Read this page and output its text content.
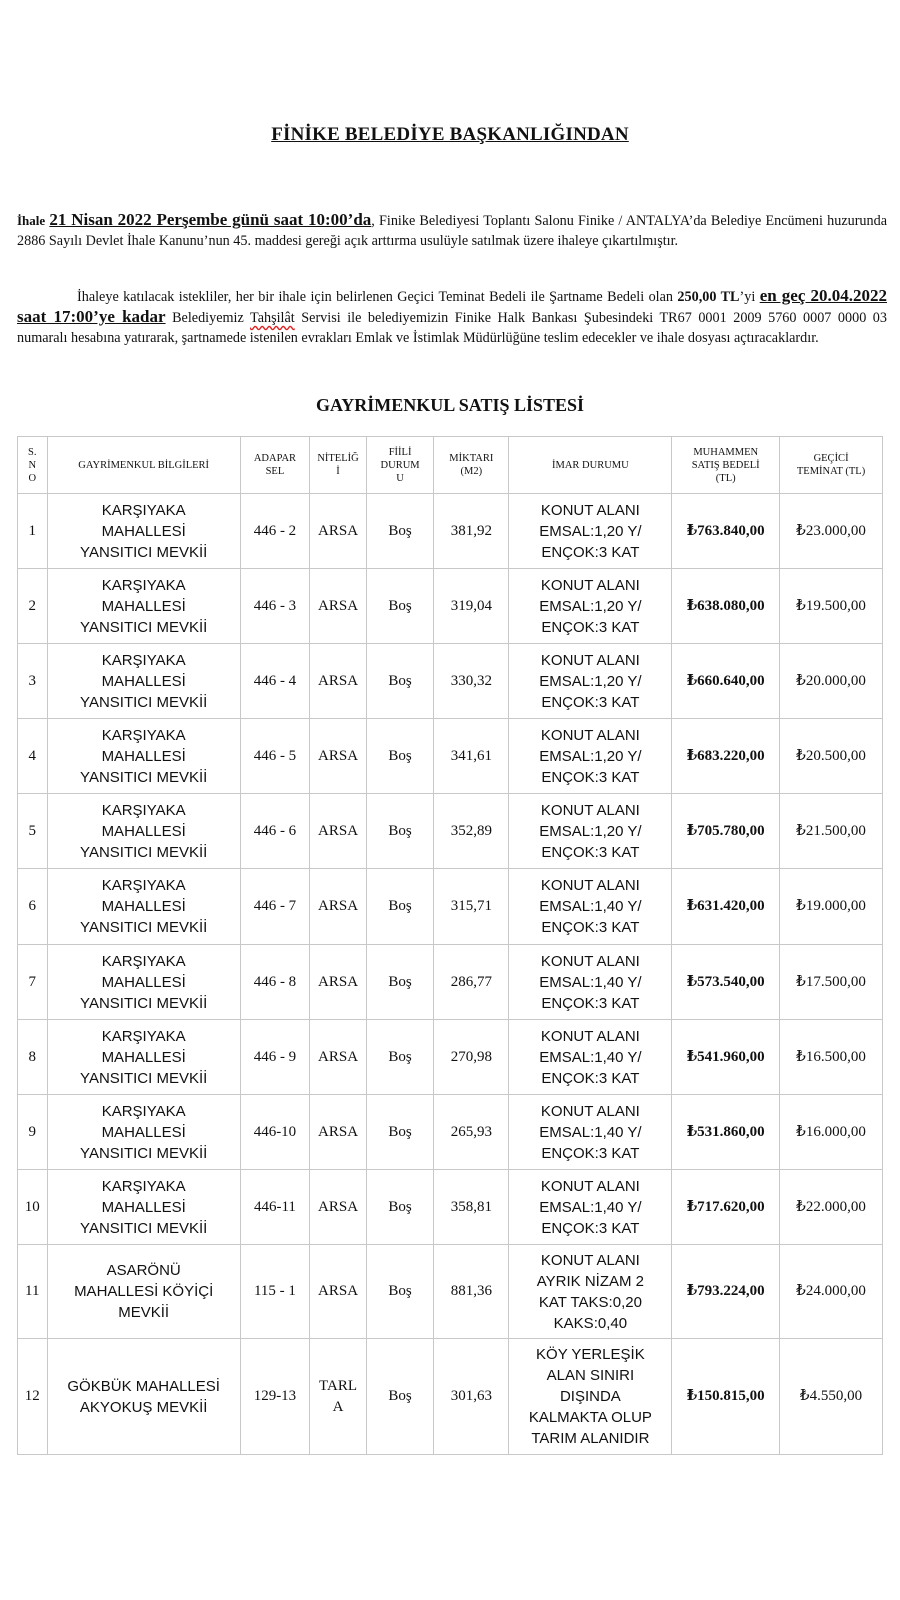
FİNİKE BELEDİYE BAŞKANLIĞINDAN
İhale 21 Nisan 2022 Perşembe günü saat 10:00’da, Finike Belediyesi Toplantı Salonu Finike / ANTALYA’da Belediye Encümeni huzurunda 2886 Sayılı Devlet İhale Kanunu’nun 45. maddesi gereği açık arttırma usulüyle satılmak üzere ihaleye çıkartılmıştır.
İhaleye katılacak istekliler, her bir ihale için belirlenen Geçici Teminat Bedeli ile Şartname Bedeli olan 250,00 TL’yi en geç 20.04.2022 saat 17:00’ye kadar Belediyemiz Tahşilât Servisi ile belediyemizin Finike Halk Bankası Şubesindeki TR67 0001 2009 5760 0007 0000 03 numaralı hesabına yatırarak, şartnamede istenilen evrakları Emlak ve İstimlak Müdürlüğüne teslim edecekler ve ihale dosyası açtıracaklardır.
GAYRİMENKUL SATIŞ LİSTESİ
S.
N
O	GAYRİMENKUL BİLGİLERİ	ADAPAR
SEL	NİTELİĞ
İ	FİİLİ
DURUM
U	MİKTARI
(M2)	İMAR DURUMU	MUHAMMEN
SATIŞ BEDELİ
(TL)	GEÇİCİ
TEMİNAT (TL)
1	KARŞIYAKA
MAHALLESİ
YANSITICI MEVKİİ	446 - 2	ARSA	Boş	381,92	KONUT ALANI
EMSAL:1,20 Y/
ENÇOK:3 KAT	₺763.840,00	₺23.000,00
2	KARŞIYAKA
MAHALLESİ
YANSITICI MEVKİİ	446 - 3	ARSA	Boş	319,04	KONUT ALANI
EMSAL:1,20 Y/
ENÇOK:3 KAT	₺638.080,00	₺19.500,00
3	KARŞIYAKA
MAHALLESİ
YANSITICI MEVKİİ	446 - 4	ARSA	Boş	330,32	KONUT ALANI
EMSAL:1,20 Y/
ENÇOK:3 KAT	₺660.640,00	₺20.000,00
4	KARŞIYAKA
MAHALLESİ
YANSITICI MEVKİİ	446 - 5	ARSA	Boş	341,61	KONUT ALANI
EMSAL:1,20 Y/
ENÇOK:3 KAT	₺683.220,00	₺20.500,00
5	KARŞIYAKA
MAHALLESİ
YANSITICI MEVKİİ	446 - 6	ARSA	Boş	352,89	KONUT ALANI
EMSAL:1,20 Y/
ENÇOK:3 KAT	₺705.780,00	₺21.500,00
6	KARŞIYAKA
MAHALLESİ
YANSITICI MEVKİİ	446 - 7	ARSA	Boş	315,71	KONUT ALANI
EMSAL:1,40 Y/
ENÇOK:3 KAT	₺631.420,00	₺19.000,00
7	KARŞIYAKA
MAHALLESİ
YANSITICI MEVKİİ	446 - 8	ARSA	Boş	286,77	KONUT ALANI
EMSAL:1,40 Y/
ENÇOK:3 KAT	₺573.540,00	₺17.500,00
8	KARŞIYAKA
MAHALLESİ
YANSITICI MEVKİİ	446 - 9	ARSA	Boş	270,98	KONUT ALANI
EMSAL:1,40 Y/
ENÇOK:3 KAT	₺541.960,00	₺16.500,00
9	KARŞIYAKA
MAHALLESİ
YANSITICI MEVKİİ	446-10	ARSA	Boş	265,93	KONUT ALANI
EMSAL:1,40 Y/
ENÇOK:3 KAT	₺531.860,00	₺16.000,00
10	KARŞIYAKA
MAHALLESİ
YANSITICI MEVKİİ	446-11	ARSA	Boş	358,81	KONUT ALANI
EMSAL:1,40 Y/
ENÇOK:3 KAT	₺717.620,00	₺22.000,00
11	ASARÖNÜ
MAHALLESİ KÖYİÇİ
MEVKİİ	115 - 1	ARSA	Boş	881,36	KONUT ALANI
AYRIK NİZAM 2
KAT TAKS:0,20
KAKS:0,40	₺793.224,00	₺24.000,00
12	GÖKBÜK MAHALLESİ
AKYOKUŞ MEVKİİ	129-13	TARL
A	Boş	301,63	KÖY YERLEŞİK
ALAN SINIRI
DIŞINDA
KALMAKTA OLUP
TARIM ALANIDIR	₺150.815,00	₺4.550,00
